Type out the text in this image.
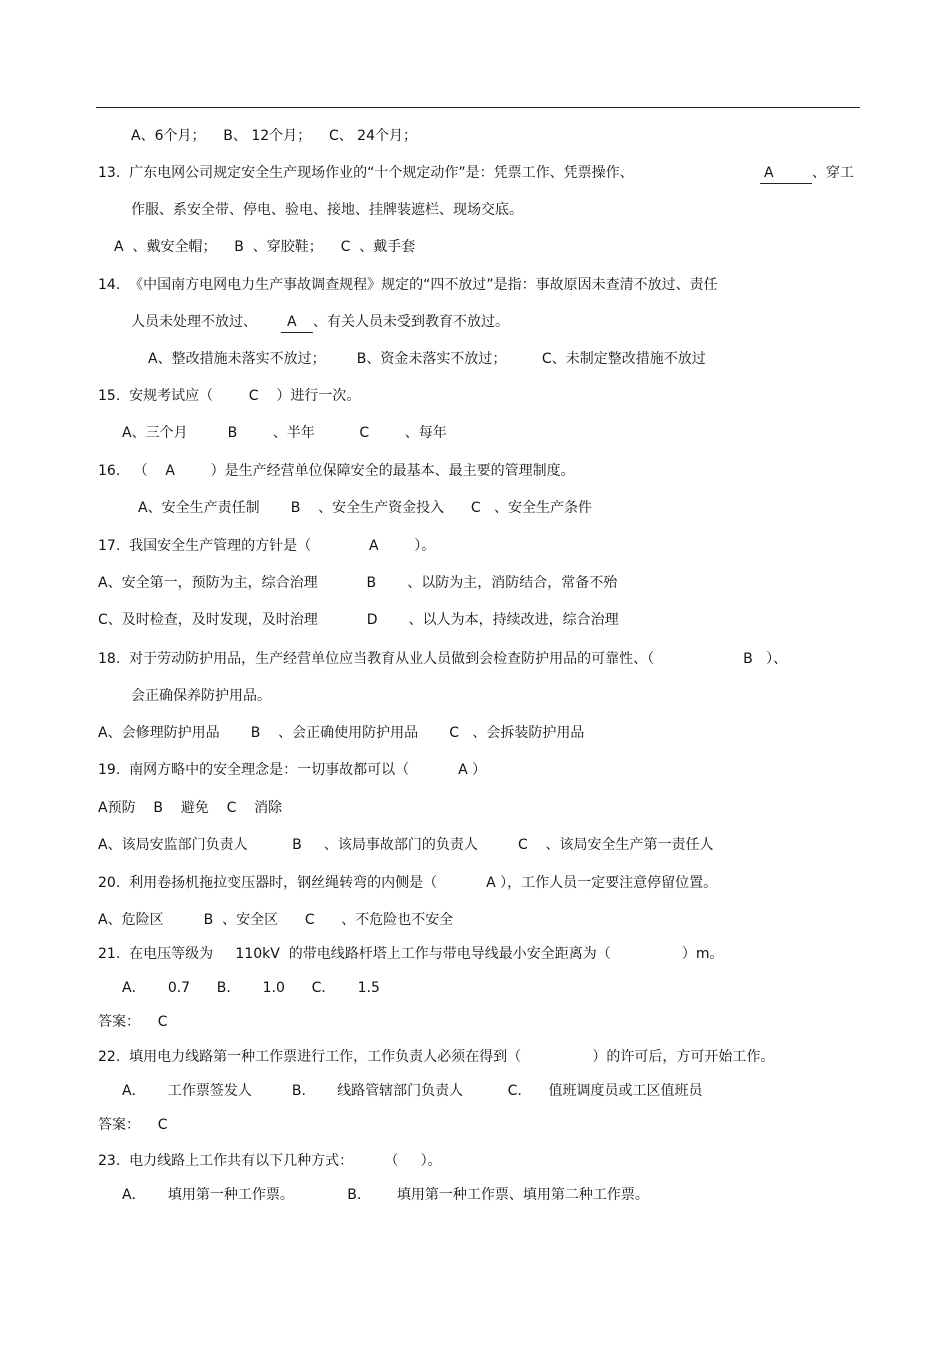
A、6个月；    B、 12个月；    C、 24个月；
13.  广东电网公司规定安全生产现场作业的“十个规定动作”是：凭票工作、凭票操作、	A	、穿工
作服、系安全带、停电、验电、接地、挂牌装遮栏、现场交底。
A  、戴安全帽；    B  、穿胶鞋；    C  、戴手套
14.  《中国南方电网电力生产事故调查规程》规定的“四不放过”是指：事故原因未查清不放过、责任
人员未处理不放过、 A 、有关人员未受到教育不放过。
A、整改措施未落实不放过；       B、资金未落实不放过；        C、未制定整改措施不放过
15.  安规考试应（        C    ）进行一次。
A、三个月         B        、半年          C        、每年
16.   （    A        ）是生产经营单位保障安全的最基本、最主要的管理制度。
A、安全生产责任制       B    、安全生产资金投入      C   、安全生产条件
17.  我国安全生产管理的方针是（             A        ）。
A、安全第一，预防为主，综合治理           B       、以防为主，消防结合，常备不殆
C、及时检查，及时发现，及时治理           D       、以人为本，持续改进，综合治理
18.  对于劳动防护用品，生产经营单位应当教育从业人员做到会检查防护用品的可靠性、（                    B   ）、
会正确保养防护用品。
A、会修理防护用品       B    、会正确使用防护用品       C   、会拆装防护用品
19.  南网方略中的安全理念是：一切事故都可以（           A ）
A预防    B    避免    C    消除
A、该局安监部门负责人          B     、该局事故部门的负责人         C    、该局安全生产第一责任人
20.  利用卷扬机拖拉变压器时，钢丝绳转弯的内侧是（           A ），工作人员一定要注意停留位置。
A、危险区         B  、安全区      C      、不危险也不安全
21.  在电压等级为     110kV  的带电线路杆塔上工作与带电导线最小安全距离为（                ）m。
A．     0.7      B．     1.0      C．     1.5
答案：    C
22.  填用电力线路第一种工作票进行工作，工作负责人必须在得到（                ）的许可后，方可开始工作。
A．     工作票签发人         B.       线路管辖部门负责人          C.      值班调度员或工区值班员
答案：    C
23.  电力线路上工作共有以下几种方式：       （     ）。
A．     填用第一种工作票。            B.        填用第一种工作票、填用第二种工作票。
